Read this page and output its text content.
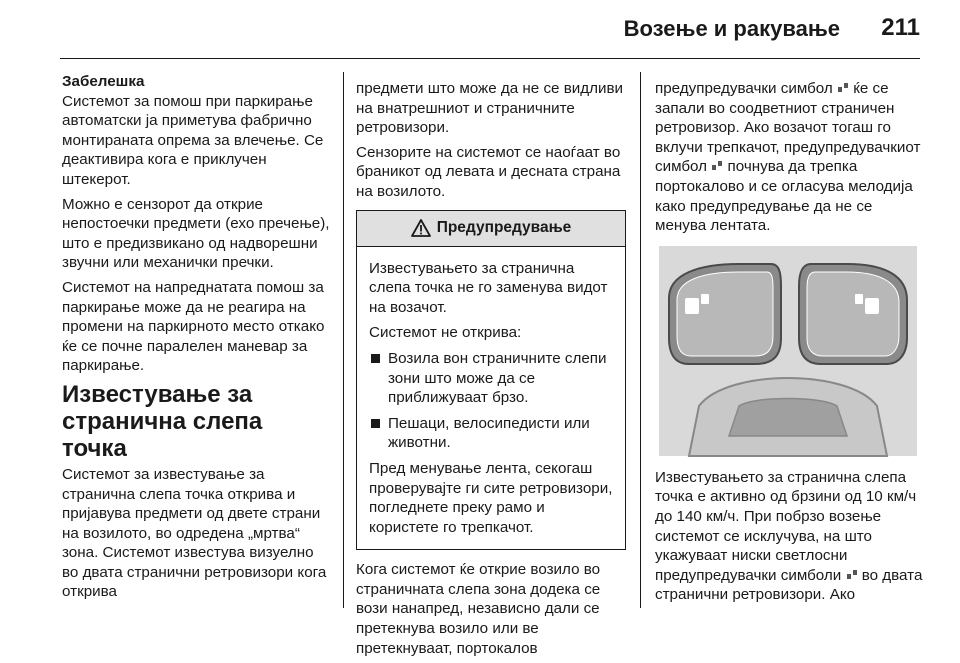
Возење и ракување 211
Забелешка

Системот за помош при паркирање автоматски ја приметува фабрично монтираната опрема за влечење. Се деактивира кога е приклучен штекерот.

Можно е сензорот да открие непостоечки предмети (ехо пречење), што е предизвикано од надворешни звучни или механички пречки.

Системот на напреднатата помош за паркирање може да не реагира на промени на паркирното место откако ќе се почне паралелен маневар за паркирање.

Известување за странична слепа точка

Системот за известување за странична слепа точка открива и пријавува предмети од двете страни на возилото, во одредена „мртва“ зона. Системот известува визуелно во двата странични ретровизори кога открива

предмети што може да не се видливи на внатрешниот и страничните ретровизори.

Сензорите на системот се наоѓаат во браникот од левата и десната страна на возилото.

Предупредување

Известувањето за странична слепа точка не го заменува видот на возачот.

Системот не открива:

Возила вон страничните слепи зони што може да се приближуваат брзо.
Пешаци, велосипедисти или животни.

Пред менување лента, секогаш проверувајте ги сите ретровизори, погледнете преку рамо и користете го трепкачот.

Кога системот ќе открие возило во страничната слепа зона додека се вози нанапред, независно дали се претекнува возило или ве претекнуваат, портокалов

предупредувачки симбол ќе се запали во соодветниот страничен ретровизор. Ако возачот тогаш го вклучи трепкачот, предупредувачкиот симбол почнува да трепка портокалово и се огласува мелодија како предупредување да не се менува лентата.

Известувањето за странична слепа точка е активно од брзини од 10 км/ч до 140 км/ч. При побрзо возење системот се исклучува, на што укажуваат ниски светлосни предупредувачки симболи во двата странични ретровизори. Ако
